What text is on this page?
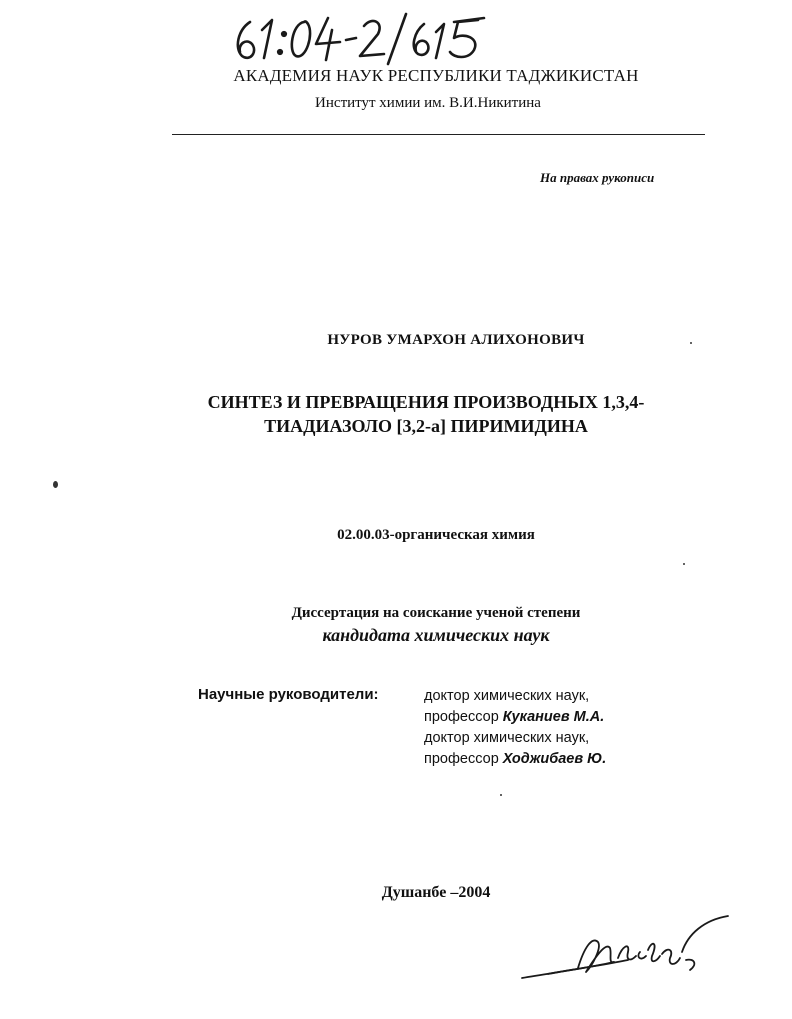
АКАДЕМИЯ НАУК РЕСПУБЛИКИ ТАДЖИКИСТАН
Институт химии им. В.И.Никитина
На правах рукописи
НУРОВ УМАРХОН АЛИХОНОВИЧ
СИНТЕЗ И ПРЕВРАЩЕНИЯ ПРОИЗВОДНЫХ 1,3,4-
ТИАДИАЗОЛО [3,2-а] ПИРИМИДИНА
02.00.03-органическая химия
Диссертация на соискание ученой степени
кандидата химических наук
Научные руководители:	доктор химических наук,
профессор Куканиев М.А.
доктор химических наук,
профессор Ходжибаев Ю.
Душанбе –2004
